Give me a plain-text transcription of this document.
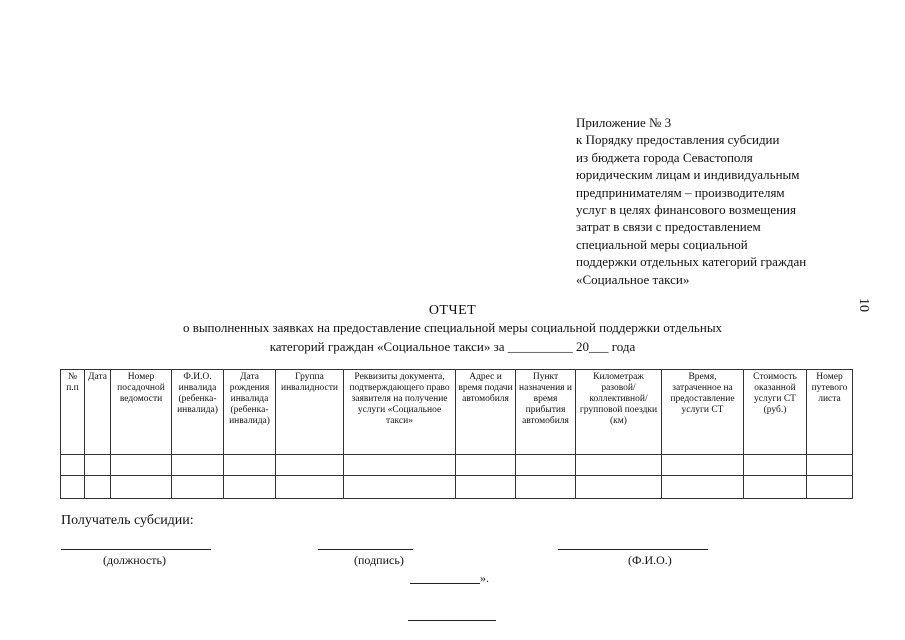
Приложение № 3
к Порядку предоставления субсидии
из бюджета города Севастополя
юридическим лицам и индивидуальным
предпринимателям – производителям
услуг в целях финансового возмещения
затрат в связи с предоставлением
специальной меры социальной
поддержки отдельных категорий граждан
«Социальное такси»
10
ОТЧЕТ
о выполненных заявках на предоставление специальной меры социальной поддержки отдельных
категорий граждан «Социальное такси» за __________ 20___ года
№ п.п	Дата	Номер посадочной ведомости	Ф.И.О. инвалида (ребенка-инвалида)	Дата рождения инвалида (ребенка-инвалида)	Группа инвалидности	Реквизиты документа, подтверждающего право заявителя на получение услуги «Социальное такси»	Адрес и время подачи автомобиля	Пункт назначения и время прибытия автомобиля	Километраж разовой/ коллективной/ групповой поездки (км)	Время, затраченное на предоставление услуги СТ	Стоимость оказанной услуги СТ (руб.)	Номер путевого листа

Получатель субсидии:
(должность)	(подпись)	(Ф.И.О.)
».
